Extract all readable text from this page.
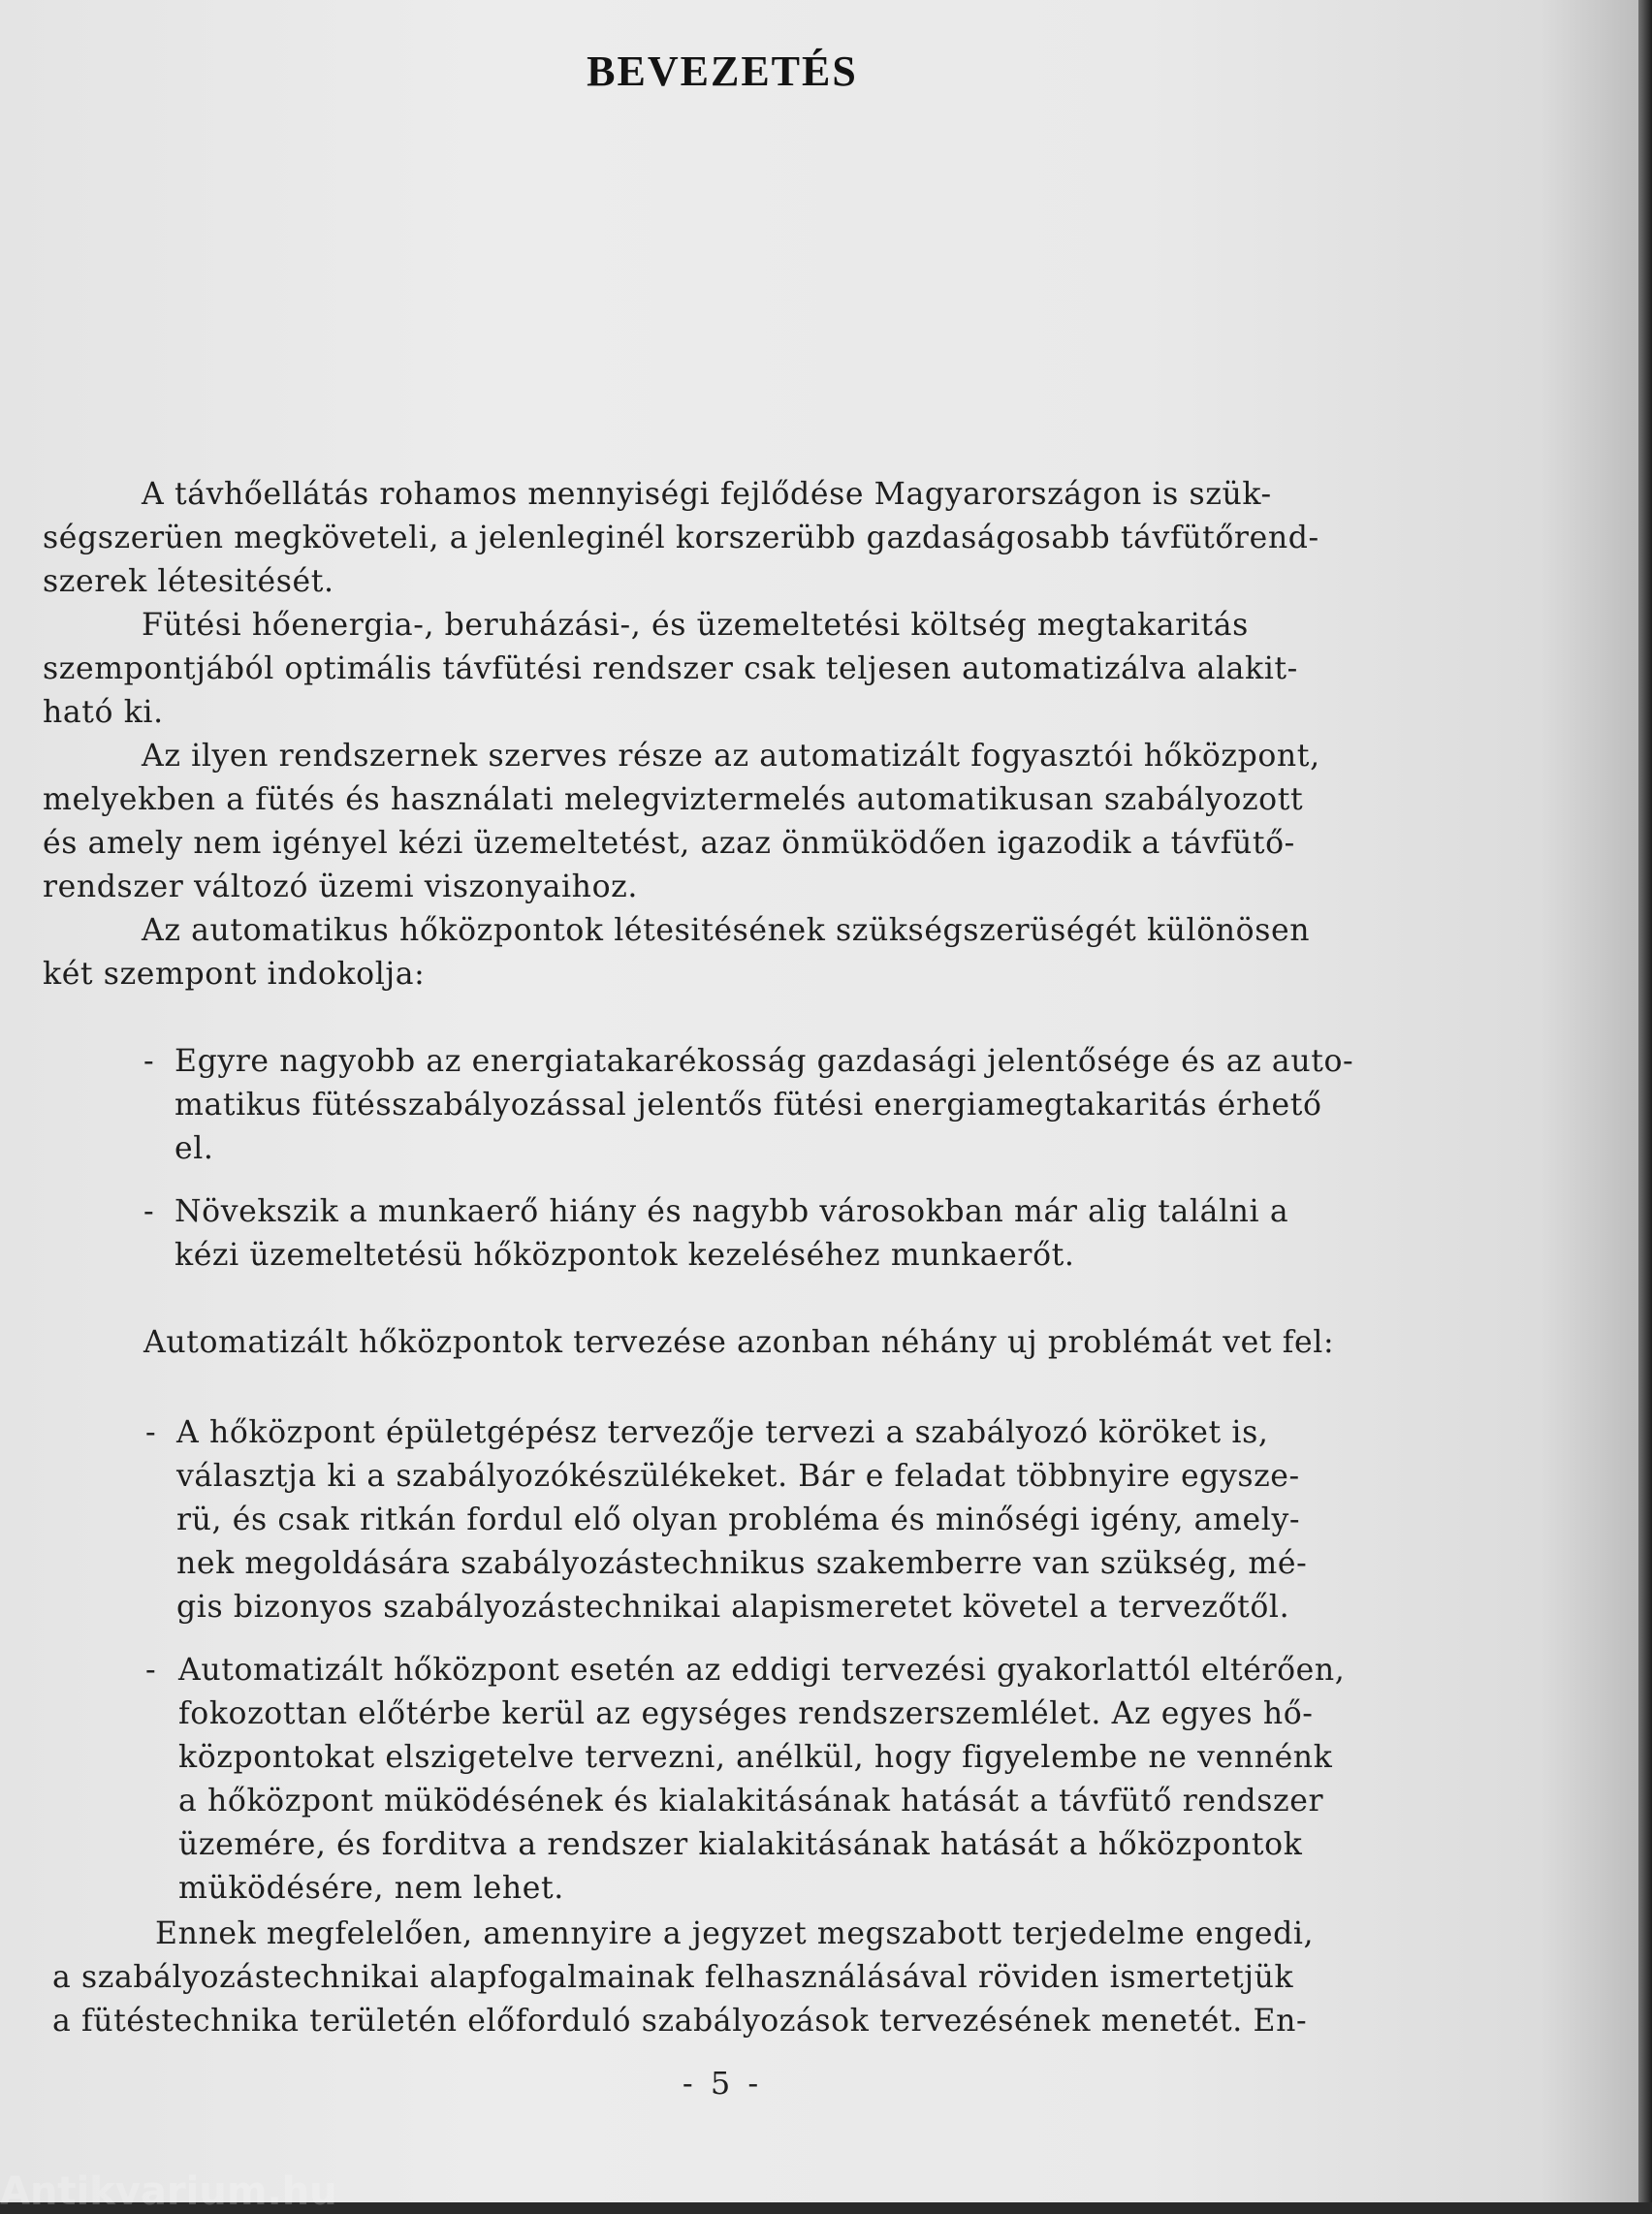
BEVEZETÉS
A távhőellátás rohamos mennyiségi fejlődése Magyarországon is szük-
ségszerüen megköveteli, a jelenleginél korszerübb gazdaságosabb távfütőrend-
szerek létesitését.
Fütési hőenergia-, beruházási-, és üzemeltetési költség megtakaritás
szempontjából optimális távfütési rendszer csak teljesen automatizálva alakit-
ható ki.
Az ilyen rendszernek szerves része az automatizált fogyasztói hőközpont,
melyekben a fütés és használati melegviztermelés automatikusan szabályozott
és amely nem igényel kézi üzemeltetést, azaz önmüködően igazodik a távfütő-
rendszer változó üzemi viszonyaihoz.
Az automatikus hőközpontok létesitésének szükségszerüségét különösen
két szempont indokolja:
- Egyre nagyobb az energiatakarékosság gazdasági jelentősége és az auto-
matikus fütésszabályozással jelentős fütési energiamegtakaritás érhető
el.
- Növekszik a munkaerő hiány és nagybb városokban már alig találni a
kézi üzemeltetésü hőközpontok kezeléséhez munkaerőt.
Automatizált hőközpontok tervezése azonban néhány uj problémát vet fel:
- A hőközpont épületgépész tervezője tervezi a szabályozó köröket is,
választja ki a szabályozókészülékeket. Bár e feladat többnyire egysze-
rü, és csak ritkán fordul elő olyan probléma és minőségi igény, amely-
nek megoldására szabályozástechnikus szakemberre van szükség, mé-
gis bizonyos szabályozástechnikai alapismeretet követel a tervezőtől.
- Automatizált hőközpont esetén az eddigi tervezési gyakorlattól eltérően,
fokozottan előtérbe kerül az egységes rendszerszemlélet. Az egyes hő-
központokat elszigetelve tervezni, anélkül, hogy figyelembe ne vennénk
a hőközpont müködésének és kialakitásának hatását a távfütő rendszer
üzemére, és forditva a rendszer kialakitásának hatását a hőközpontok
müködésére, nem lehet.
Ennek megfelelően, amennyire a jegyzet megszabott terjedelme engedi,
a szabályozástechnikai alapfogalmainak felhasználásával röviden ismertetjük
a fütéstechnika területén előforduló szabályozások tervezésének menetét. En-
- 5 -
Antikvarium.hu
